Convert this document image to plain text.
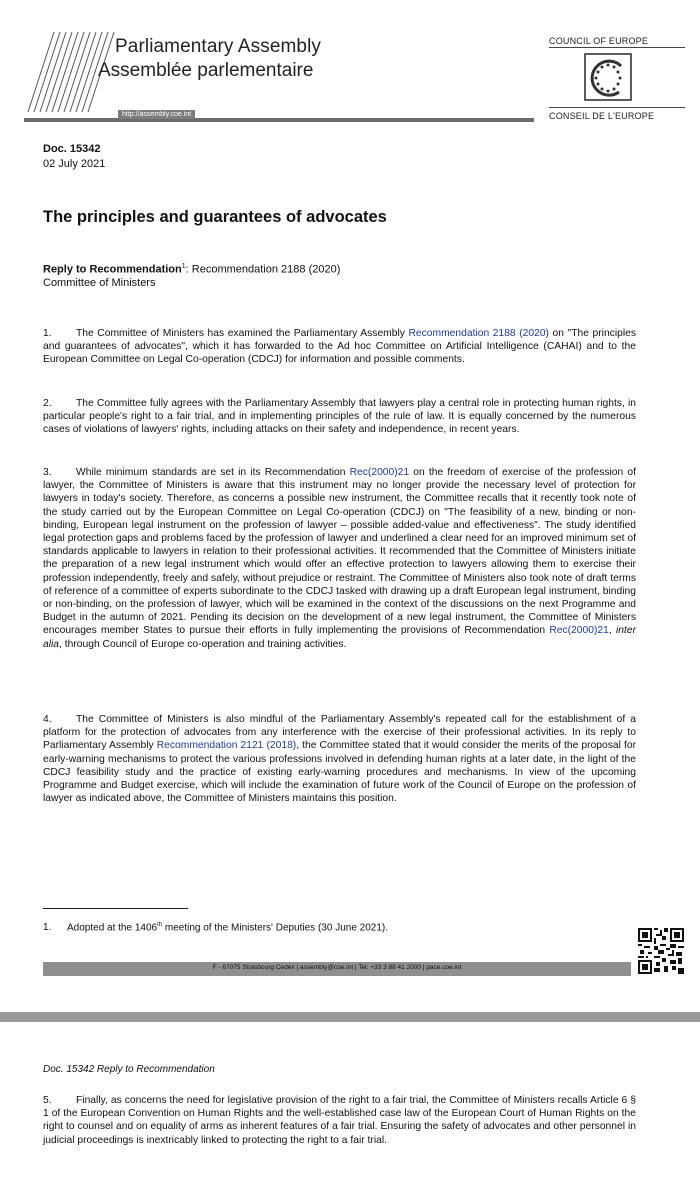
Parliamentary Assembly
Assemblée parlementaire
http://assembly.coe.int
COUNCIL OF EUROPE
CONSEIL DE L'EUROPE
Doc. 15342
02 July 2021
The principles and guarantees of advocates
Reply to Recommendation$^1$: Recommendation 2188 (2020)
Committee of Ministers

1. The Committee of Ministers has examined the Parliamentary Assembly Recommendation 2188 (2020) on "The principles and guarantees of advocates", which it has forwarded to the Ad hoc Committee on Artificial Intelligence (CAHAI) and to the European Committee on Legal Co-operation (CDCJ) for information and possible comments.

2. The Committee fully agrees with the Parliamentary Assembly that lawyers play a central role in protecting human rights, in particular people's right to a fair trial, and in implementing principles of the rule of law. It is equally concerned by the numerous cases of violations of lawyers' rights, including attacks on their safety and independence, in recent years.

3. While minimum standards are set in its Recommendation Rec(2000)21 on the freedom of exercise of the profession of lawyer, the Committee of Ministers is aware that this instrument may no longer provide the necessary level of protection for lawyers in today's society. Therefore, as concerns a possible new instrument, the Committee recalls that it recently took note of the study carried out by the European Committee on Legal Co-operation (CDCJ) on "The feasibility of a new, binding or non-binding, European legal instrument on the profession of lawyer – possible added-value and effectiveness". The study identified legal protection gaps and problems faced by the profession of lawyer and underlined a clear need for an improved minimum set of standards applicable to lawyers in relation to their professional activities. It recommended that the Committee of Ministers initiate the preparation of a new legal instrument which would offer an effective protection to lawyers allowing them to exercise their profession independently, freely and safely, without prejudice or restraint. The Committee of Ministers also took note of draft terms of reference of a committee of experts subordinate to the CDCJ tasked with drawing up a draft European legal instrument, binding or non-binding, on the profession of lawyer, which will be examined in the context of the discussions on the next Programme and Budget in the autumn of 2021. Pending its decision on the development of a new legal instrument, the Committee of Ministers encourages member States to pursue their efforts in fully implementing the provisions of Recommendation Rec(2000)21, inter alia, through Council of Europe co-operation and training activities.

4. The Committee of Ministers is also mindful of the Parliamentary Assembly's repeated call for the establishment of a platform for the protection of advocates from any interference with the exercise of their professional activities. In its reply to Parliamentary Assembly Recommendation 2121 (2018), the Committee stated that it would consider the merits of the proposal for early-warning mechanisms to protect the various professions involved in defending human rights at a later date, in the light of the CDCJ feasibility study and the practice of existing early-warning procedures and mechanisms. In view of the upcoming Programme and Budget exercise, which will include the examination of future work of the Council of Europe on the profession of lawyer as indicated above, the Committee of Ministers maintains this position.

1. Adopted at the 1406th meeting of the Ministers' Deputies (30 June 2021).
F - 67075 Strasbourg Cedex | assembly@coe.int | Tel: +33 3 88 41 2000 | pace.coe.int
Doc. 15342 Reply to Recommendation

5. Finally, as concerns the need for legislative provision of the right to a fair trial, the Committee of Ministers recalls Article 6 § 1 of the European Convention on Human Rights and the well-established case law of the European Court of Human Rights on the right to counsel and on equality of arms as inherent features of a fair trial. Ensuring the safety of advocates and other personnel in judicial proceedings is inextricably linked to protecting the right to a fair trial.
